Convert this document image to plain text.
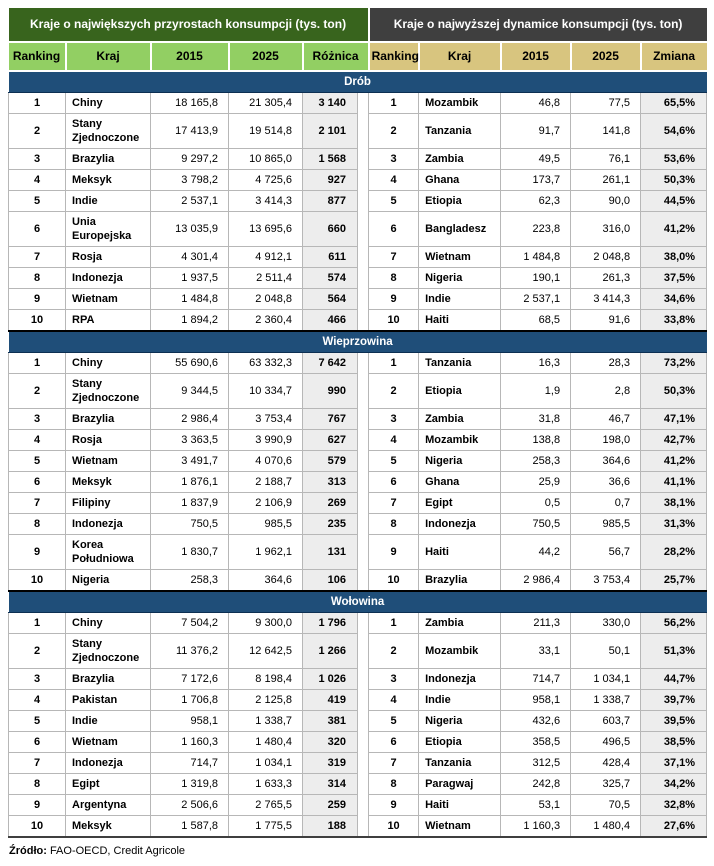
Kraje o największych przyrostach konsumpcji (tys. ton)						Kraje o najwyższej dynamice konsumpcji (tys. ton)				
Ranking	Kraj	2015	2025	Różnica		Ranking	Kraj	2015	2025	Zmiana
Drób										
1	Chiny	18 165,8	21 305,4	3 140		1	Mozambik	46,8	77,5	65,5%
2	Stany Zjednoczone	17 413,9	19 514,8	2 101		2	Tanzania	91,7	141,8	54,6%
3	Brazylia	9 297,2	10 865,0	1 568		3	Zambia	49,5	76,1	53,6%
4	Meksyk	3 798,2	4 725,6	927		4	Ghana	173,7	261,1	50,3%
5	Indie	2 537,1	3 414,3	877		5	Etiopia	62,3	90,0	44,5%
6	Unia Europejska	13 035,9	13 695,6	660		6	Bangladesz	223,8	316,0	41,2%
7	Rosja	4 301,4	4 912,1	611		7	Wietnam	1 484,8	2 048,8	38,0%
8	Indonezja	1 937,5	2 511,4	574		8	Nigeria	190,1	261,3	37,5%
9	Wietnam	1 484,8	2 048,8	564		9	Indie	2 537,1	3 414,3	34,6%
10	RPA	1 894,2	2 360,4	466		10	Haiti	68,5	91,6	33,8%
Wieprzowina										
1	Chiny	55 690,6	63 332,3	7 642		1	Tanzania	16,3	28,3	73,2%
2	Stany Zjednoczone	9 344,5	10 334,7	990		2	Etiopia	1,9	2,8	50,3%
3	Brazylia	2 986,4	3 753,4	767		3	Zambia	31,8	46,7	47,1%
4	Rosja	3 363,5	3 990,9	627		4	Mozambik	138,8	198,0	42,7%
5	Wietnam	3 491,7	4 070,6	579		5	Nigeria	258,3	364,6	41,2%
6	Meksyk	1 876,1	2 188,7	313		6	Ghana	25,9	36,6	41,1%
7	Filipiny	1 837,9	2 106,9	269		7	Egipt	0,5	0,7	38,1%
8	Indonezja	750,5	985,5	235		8	Indonezja	750,5	985,5	31,3%
9	Korea Południowa	1 830,7	1 962,1	131		9	Haiti	44,2	56,7	28,2%
10	Nigeria	258,3	364,6	106		10	Brazylia	2 986,4	3 753,4	25,7%
Wołowina										
1	Chiny	7 504,2	9 300,0	1 796		1	Zambia	211,3	330,0	56,2%
2	Stany Zjednoczone	11 376,2	12 642,5	1 266		2	Mozambik	33,1	50,1	51,3%
3	Brazylia	7 172,6	8 198,4	1 026		3	Indonezja	714,7	1 034,1	44,7%
4	Pakistan	1 706,8	2 125,8	419		4	Indie	958,1	1 338,7	39,7%
5	Indie	958,1	1 338,7	381		5	Nigeria	432,6	603,7	39,5%
6	Wietnam	1 160,3	1 480,4	320		6	Etiopia	358,5	496,5	38,5%
7	Indonezja	714,7	1 034,1	319		7	Tanzania	312,5	428,4	37,1%
8	Egipt	1 319,8	1 633,3	314		8	Paragwaj	242,8	325,7	34,2%
9	Argentyna	2 506,6	2 765,5	259		9	Haiti	53,1	70,5	32,8%
10	Meksyk	1 587,8	1 775,5	188		10	Wietnam	1 160,3	1 480,4	27,6%
Źródło: FAO-OECD, Credit Agricole
